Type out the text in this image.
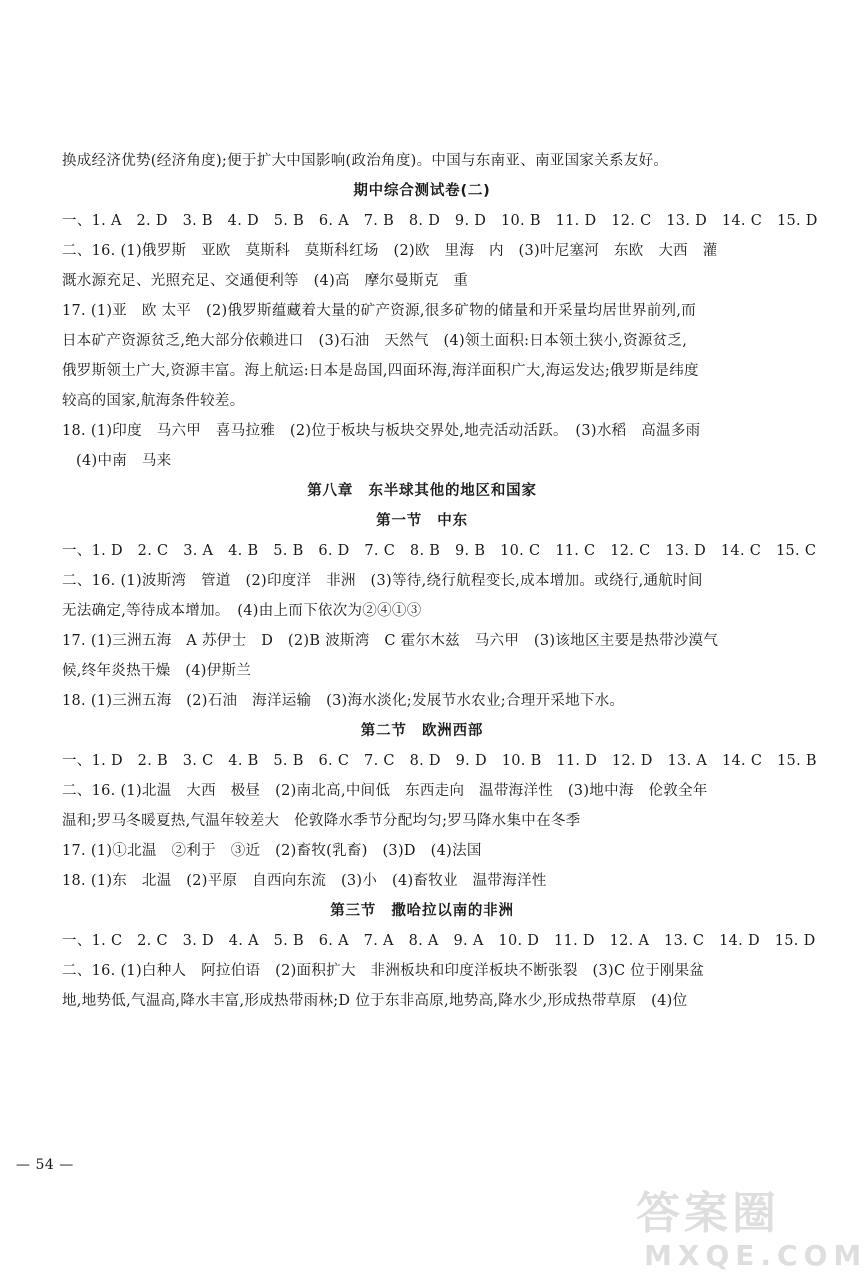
换成经济优势(经济角度);便于扩大中国影响(政治角度)。中国与东南亚、南亚国家关系友好。
期中综合测试卷(二)
一、1. A　2. D　3. B　4. D　5. B　6. A　7. B　8. D　9. D　10. B　11. D　12. C　13. D　14. C　15. D
二、16. (1)俄罗斯　亚欧　莫斯科　莫斯科红场　(2)欧　里海　内　(3)叶尼塞河　东欧　大西　灌
溉水源充足、光照充足、交通便利等　(4)高　摩尔曼斯克　重
17. (1)亚　欧 太平　(2)俄罗斯蕴藏着大量的矿产资源,很多矿物的储量和开采量均居世界前列,而
日本矿产资源贫乏,绝大部分依赖进口　(3)石油　天然气　(4)领土面积:日本领土狭小,资源贫乏,
俄罗斯领土广大,资源丰富。海上航运:日本是岛国,四面环海,海洋面积广大,海运发达;俄罗斯是纬度
较高的国家,航海条件较差。
18. (1)印度　马六甲　喜马拉雅　(2)位于板块与板块交界处,地壳活动活跃。　(3)水稻　高温多雨
(4)中南　马来
第八章　东半球其他的地区和国家
第一节　中东
一、1. D　2. C　3. A　4. B　5. B　6. D　7. C　8. B　9. B　10. C　11. C　12. C　13. D　14. C　15. C
二、16. (1)波斯湾　管道　(2)印度洋　非洲　(3)等待,绕行航程变长,成本增加。或绕行,通航时间
无法确定,等待成本增加。　(4)由上而下依次为②④①③
17. (1)三洲五海　A 苏伊士　D　(2)B 波斯湾　C 霍尔木兹　马六甲　(3)该地区主要是热带沙漠气
候,终年炎热干燥　(4)伊斯兰
18. (1)三洲五海　(2)石油　海洋运输　(3)海水淡化;发展节水农业;合理开采地下水。
第二节　欧洲西部
一、1. D　2. B　3. C　4. B　5. B　6. C　7. C　8. D　9. D　10. B　11. D　12. D　13. A　14. C　15. B
二、16. (1)北温　大西　极昼　(2)南北高,中间低　东西走向　温带海洋性　(3)地中海　伦敦全年
温和;罗马冬暖夏热,气温年较差大　伦敦降水季节分配均匀;罗马降水集中在冬季
17. (1)①北温　②利于　③近　(2)畜牧(乳畜)　(3)D　(4)法国
18. (1)东　北温　(2)平原　自西向东流　(3)小　(4)畜牧业　温带海洋性
第三节　撒哈拉以南的非洲
一、1. C　2. C　3. D　4. A　5. B　6. A　7. A　8. A　9. A　10. D　11. D　12. A　13. C　14. D　15. D
二、16. (1)白种人　阿拉伯语　(2)面积扩大　非洲板块和印度洋板块不断张裂　(3)C 位于刚果盆
地,地势低,气温高,降水丰富,形成热带雨林;D 位于东非高原,地势高,降水少,形成热带草原　(4)位
— 54 —
答案圈
MXQE.COM
